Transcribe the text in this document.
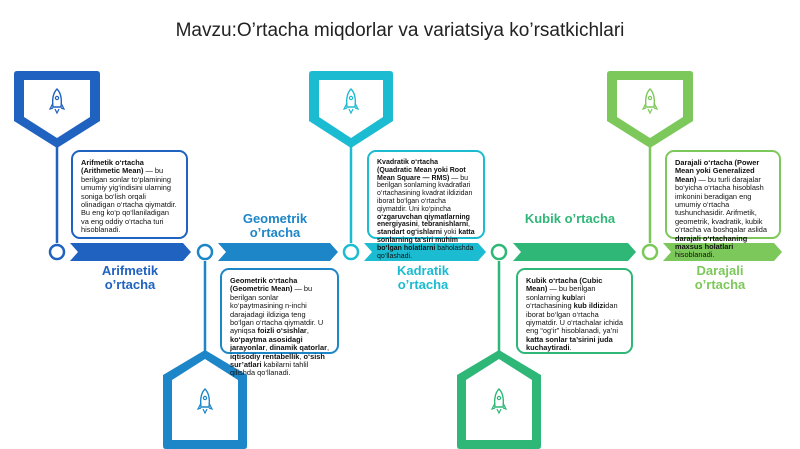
Mavzu:O’rtacha miqdorlar va variatsiya ko’rsatkichlari
Arifmetik
o’rtacha
Geometrik
o’rtacha
Kadratik
o’rtacha
Kubik o’rtacha
Darajali
o’rtacha
Arifmetik o‘rtacha (Arithmetic Mean) — bu berilgan sonlar to‘plamining umumiy yig‘indisini ularning soniga bo‘lish orqali olinadigan o‘rtacha qiymatdir. Bu eng ko‘p qo‘llaniladigan va eng oddiy o‘rtacha turi hisoblanadi.
Geometrik o‘rtacha (Geometric Mean) — bu berilgan sonlar ko‘paytmasining n-inchi darajadagi ildiziga teng bo‘lgan o‘rtacha qiymatdir. U ayniqsa foizli o‘sishlar, ko‘paytma asosidagi jarayonlar, dinamik qatorlar, iqtisodiy rentabellik, o‘sish sur’atlari kabilarni tahlil qilishda qo‘llanadi.
Kvadratik o‘rtacha (Quadratic Mean yoki Root Mean Square — RMS) — bu berilgan sonlarning kvadratlari o‘rtachasining kvadrat ildizidan iborat bo‘lgan o‘rtacha qiymatdir. Uni ko‘pincha o‘zgaruvchan qiymatlarning energiyasini, tebranishlarni, standart og‘ishlarni yoki katta sonlarning ta’siri muhim bo‘lgan holatlarni baholashda qo‘llashadi.
Kubik o‘rtacha (Cubic Mean) — bu berilgan sonlarning kublari o‘rtachasining kub ildizidan iborat bo‘lgan o‘rtacha qiymatdir. U o‘rtachalar ichida eng “og‘ir” hisoblanadi, ya’ni katta sonlar ta’sirini juda kuchaytiradi.
Darajali o‘rtacha (Power Mean yoki Generalized Mean) — bu turli darajalar bo‘yicha o‘rtacha hisoblash imkonini beradigan eng umumiy o‘rtacha tushunchasidir. Arifmetik, geometrik, kvadratik, kubik o‘rtacha va boshqalar aslida darajali o‘rtachaning maxsus holatlari hisoblanadi.
